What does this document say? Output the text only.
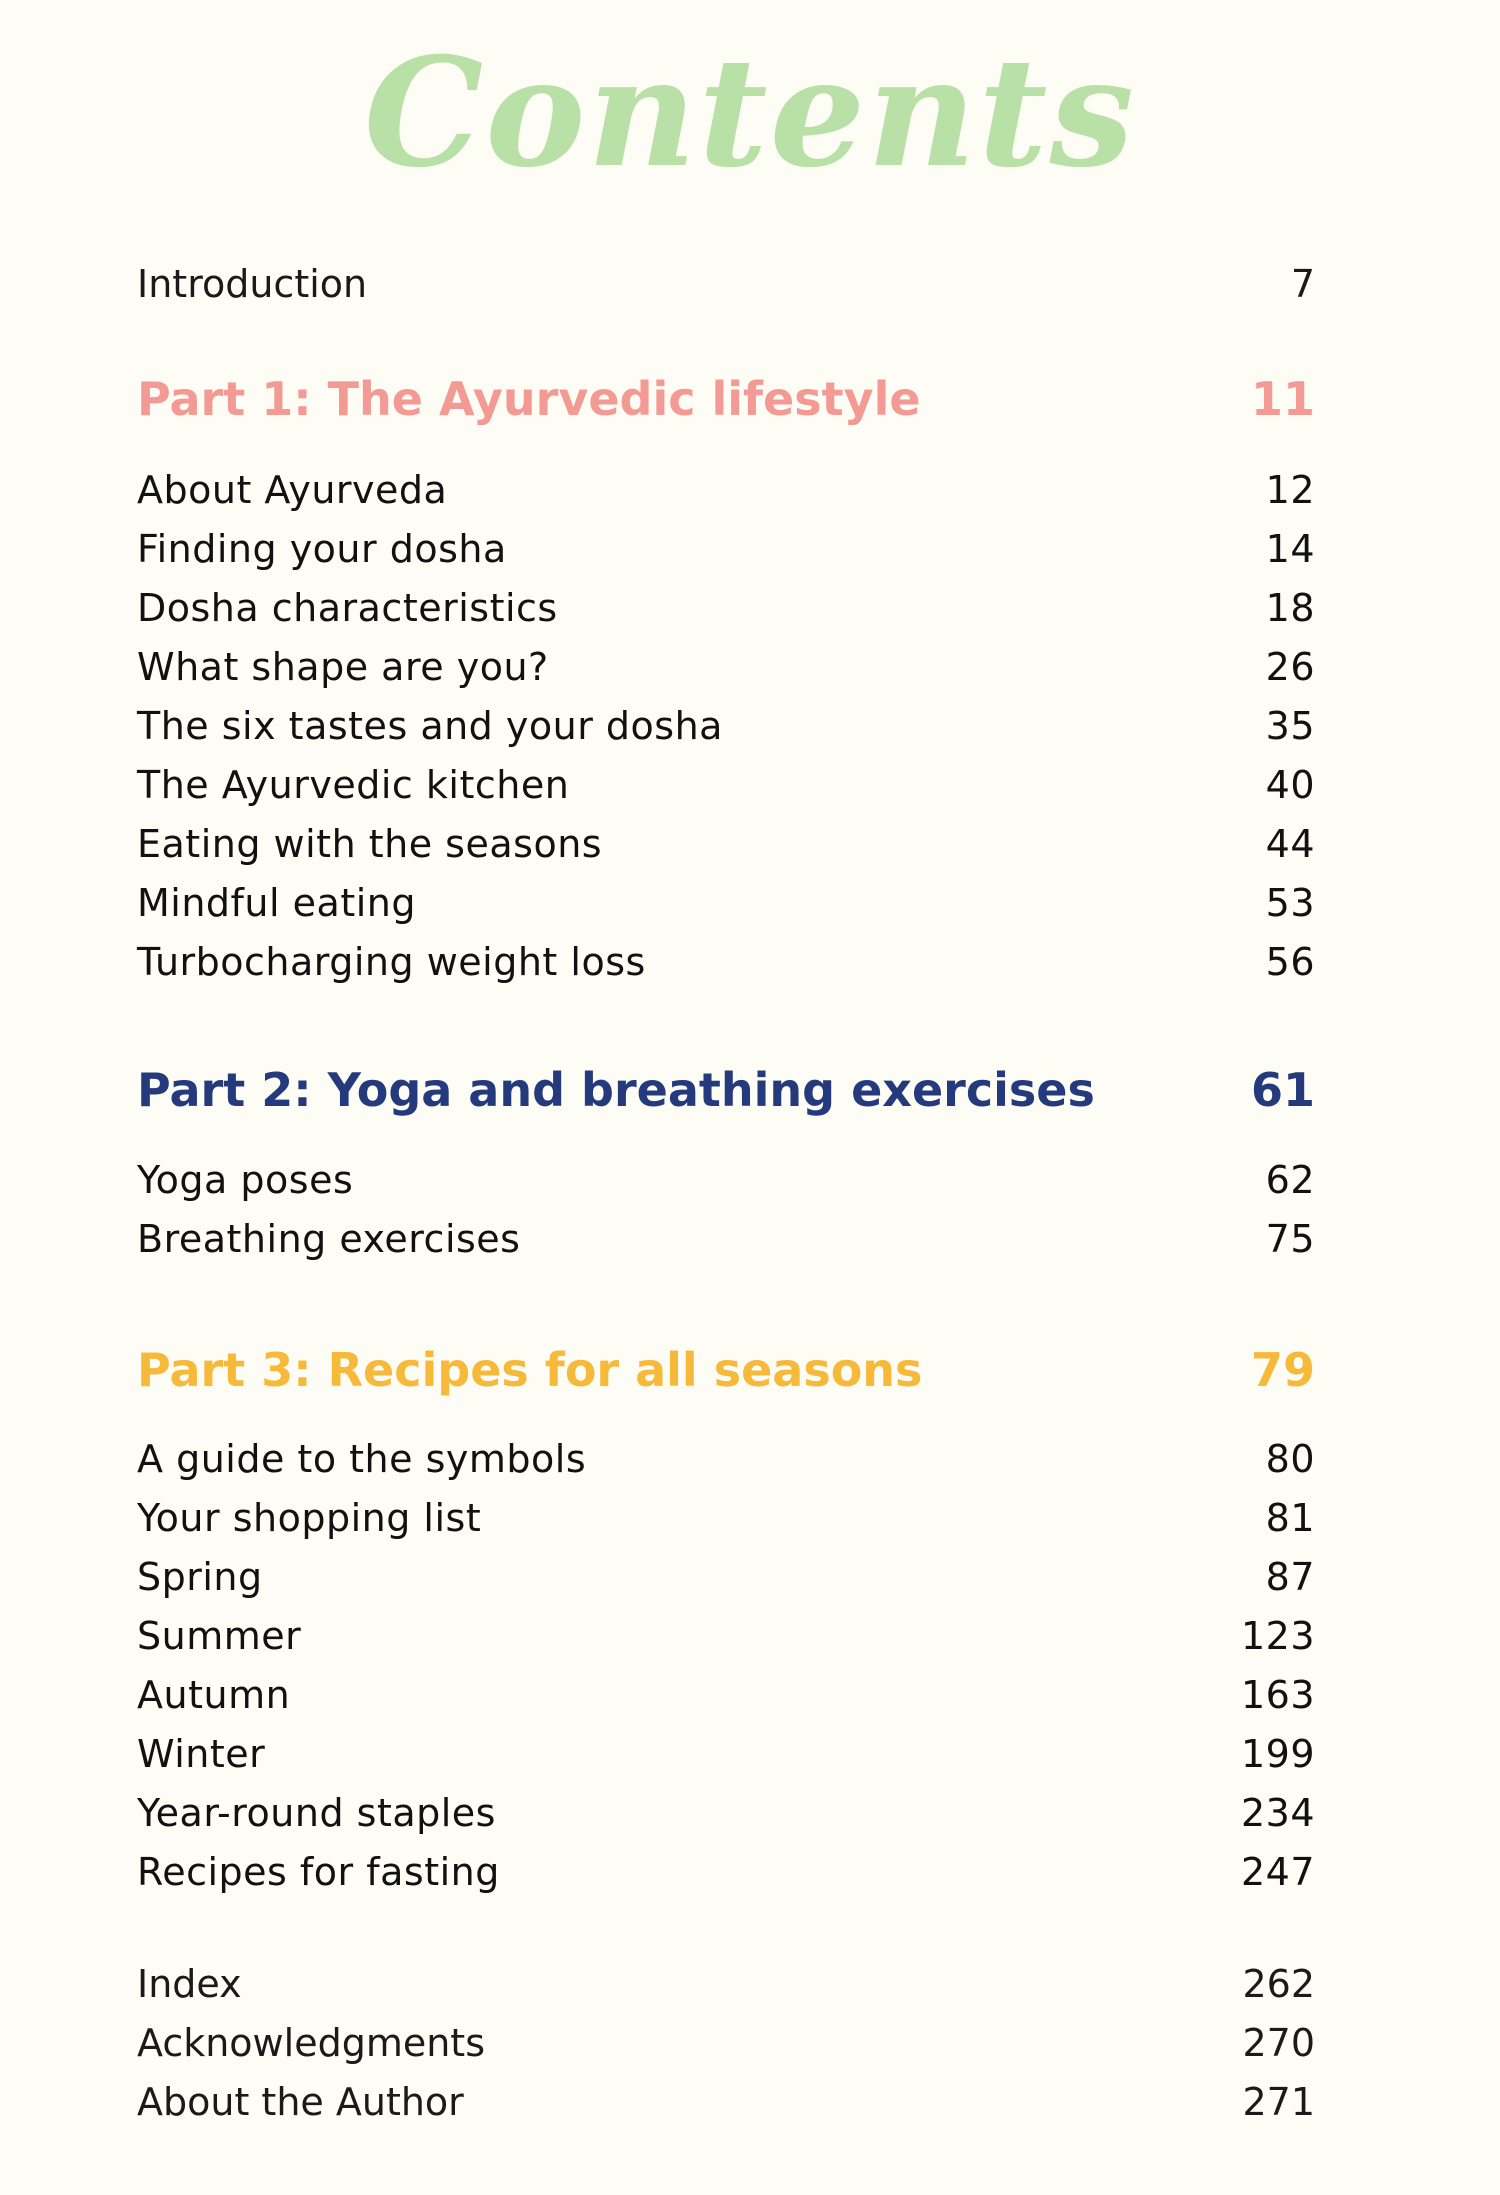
Contents
Introduction	7
Part 1: The Ayurvedic lifestyle	11
About Ayurveda	12
Finding your dosha	14
Dosha characteristics	18
What shape are you?	26
The six tastes and your dosha	35
The Ayurvedic kitchen	40
Eating with the seasons	44
Mindful eating	53
Turbocharging weight loss	56
Part 2: Yoga and breathing exercises	61
Yoga poses	62
Breathing exercises	75
Part 3: Recipes for all seasons	79
A guide to the symbols	80
Your shopping list	81
Spring	87
Summer	123
Autumn	163
Winter	199
Year-round staples	234
Recipes for fasting	247
Index	262
Acknowledgments	270
About the Author	271
